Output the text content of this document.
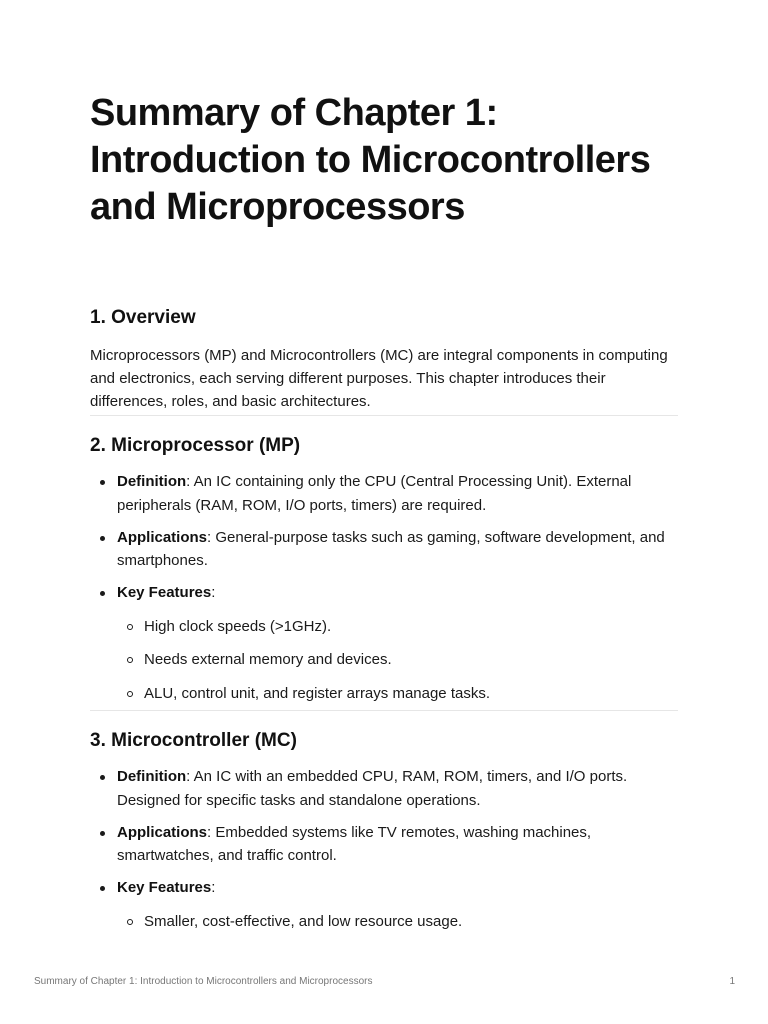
Summary of Chapter 1: Introduction to Microcontrollers and Microprocessors
1. Overview

Microprocessors (MP) and Microcontrollers (MC) are integral components in computing and electronics, each serving different purposes. This chapter introduces their differences, roles, and basic architectures.

2. Microprocessor (MP)
Definition: An IC containing only the CPU (Central Processing Unit). External peripherals (RAM, ROM, I/O ports, timers) are required.
Applications: General-purpose tasks such as gaming, software development, and smartphones.
Key Features:
High clock speeds (>1GHz).
Needs external memory and devices.
ALU, control unit, and register arrays manage tasks.
3. Microcontroller (MC)
Definition: An IC with an embedded CPU, RAM, ROM, timers, and I/O ports. Designed for specific tasks and standalone operations.
Applications: Embedded systems like TV remotes, washing machines, smartwatches, and traffic control.
Key Features:
Smaller, cost-effective, and low resource usage.
Summary of Chapter 1: Introduction to Microcontrollers and Microprocessors	1
